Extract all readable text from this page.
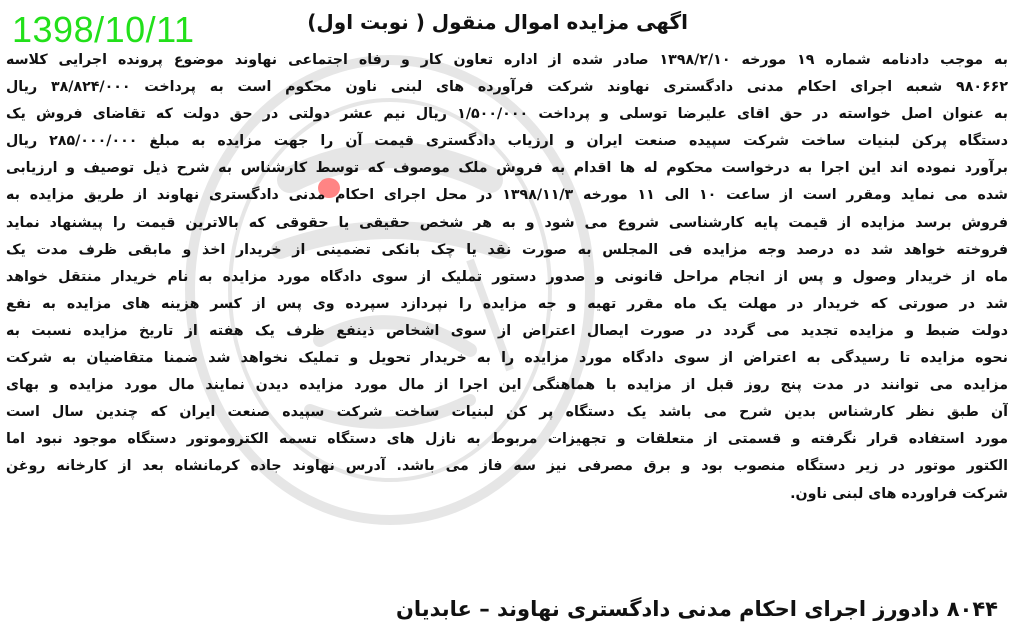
1398/10/11	اگهی مزایده اموال منقول ( نوبت اول)
به موجب دادنامه شماره ۱۹ مورخه ۱۳۹۸/۲/۱۰ صادر شده از اداره تعاون کار و رفاه اجتماعی نهاوند موضوع پرونده اجرایی کلاسه
۹۸۰۶۶۲ شعبه اجرای احکام مدنی دادگستری نهاوند شرکت فرآورده های لبنی ناون محکوم است به پرداخت ۳۸/۸۲۴/۰۰۰ ریال
به عنوان اصل خواسته در حق اقای علیرضا توسلی و پرداخت ۱/۵۰۰/۰۰۰ ریال نیم عشر دولتی در حق دولت که تقاضای فروش یک
دستگاه پرکن لبنیات ساخت شرکت سپیده صنعت ایران و ارزیاب دادگستری قیمت آن را جهت مزایده به مبلغ ۲۸۵/۰۰۰/۰۰۰ ریال
برآورد نموده اند این اجرا به درخواست محکوم له ها اقدام به فروش ملک موصوف که توسط کارشناس به شرح ذیل توصیف و ارزیابی
شده می نماید ومقرر است از ساعت ۱۰ الی ۱۱ مورخه ۱۳۹۸/۱۱/۳ در محل اجرای احکام مدنی دادگستری نهاوند از طریق مزایده به
فروش برسد مزایده از قیمت پایه کارشناسی شروع می شود و به هر شخص حقیقی یا حقوقی که بالاترین قیمت را پیشنهاد نماید
فروخته خواهد شد ده درصد وجه مزایده فی المجلس به صورت نقد یا چک بانکی تضمینی از خریدار اخذ و مابقی ظرف مدت یک
ماه از خریدار وصول و پس از انجام مراحل قانونی و صدور دستور تملیک از سوی دادگاه مورد مزایده به نام خریدار منتقل خواهد
شد در صورتی که خریدار در مهلت یک ماه مقرر تهیه و جه مزایده را نپردازد سپرده وی پس از کسر هزینه های مزایده به نفع
دولت ضبط و مزایده تجدید می گردد در صورت ایصال اعتراض از سوی اشخاص ذینفع ظرف یک هفته از تاریخ مزایده نسبت به
نحوه مزایده تا رسیدگی به اعتراض از سوی دادگاه مورد مزایده را به خریدار تحویل و تملیک نخواهد شد ضمنا متقاضیان به شرکت
مزایده می توانند در مدت پنج روز قبل از مزایده با هماهنگی این اجرا از مال مورد مزایده دیدن نمایند مال مورد مزایده و بهای
آن طبق نظر کارشناس بدین شرح می باشد یک دستگاه پر کن لبنیات ساخت شرکت سپیده صنعت ایران که چندین سال است
مورد استفاده قرار نگرفته و قسمتی از متعلقات و تجهیزات مربوط به نازل های دستگاه تسمه الکتروموتور دستگاه موجود نبود اما
الکتور موتور در زیر دستگاه منصوب بود و برق مصرفی نیز سه فاز می باشد. آدرس نهاوند جاده کرمانشاه بعد از کارخانه روغن
شرکت فراورده های لبنی ناون.
۸۰۴۴ دادورز اجرای احکام مدنی دادگستری نهاوند – عابدیان
